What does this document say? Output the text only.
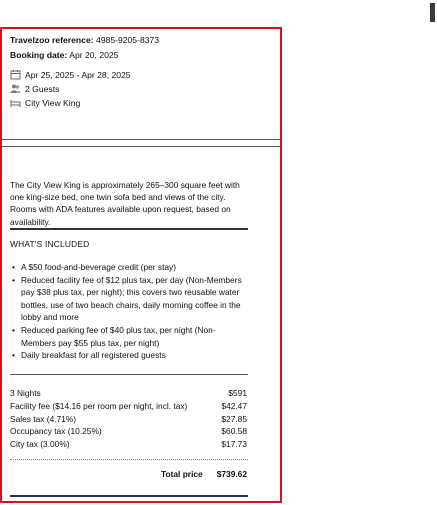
Travelzoo reference: 4985-9205-8373
Booking date: Apr 20, 2025
Apr 25, 2025 - Apr 28, 2025
2 Guests
City View King
The City View King is approximately 265–300 square feet with one king-size bed, one twin sofa bed and views of the city. Rooms with ADA features available upon request, based on availability.
WHAT'S INCLUDED
• A $50 food-and-beverage credit (per stay)
• Reduced facility fee of $12 plus tax, per day (Non-Members pay $38 plus tax, per night); this covers two reusable water bottles, use of two beach chairs, daily morning coffee in the lobby and more
• Reduced parking fee of $40 plus tax, per night (Non-Members pay $55 plus tax, per night)
• Daily breakfast for all registered guests
3 Nights	$591
Facility fee ($14.16 per room per night, incl. tax)	$42.47
Sales tax (4.71%)	$27.85
Occupancy tax (10.25%)	$60.58
City tax (3.00%)	$17.73
Total price $739.62
